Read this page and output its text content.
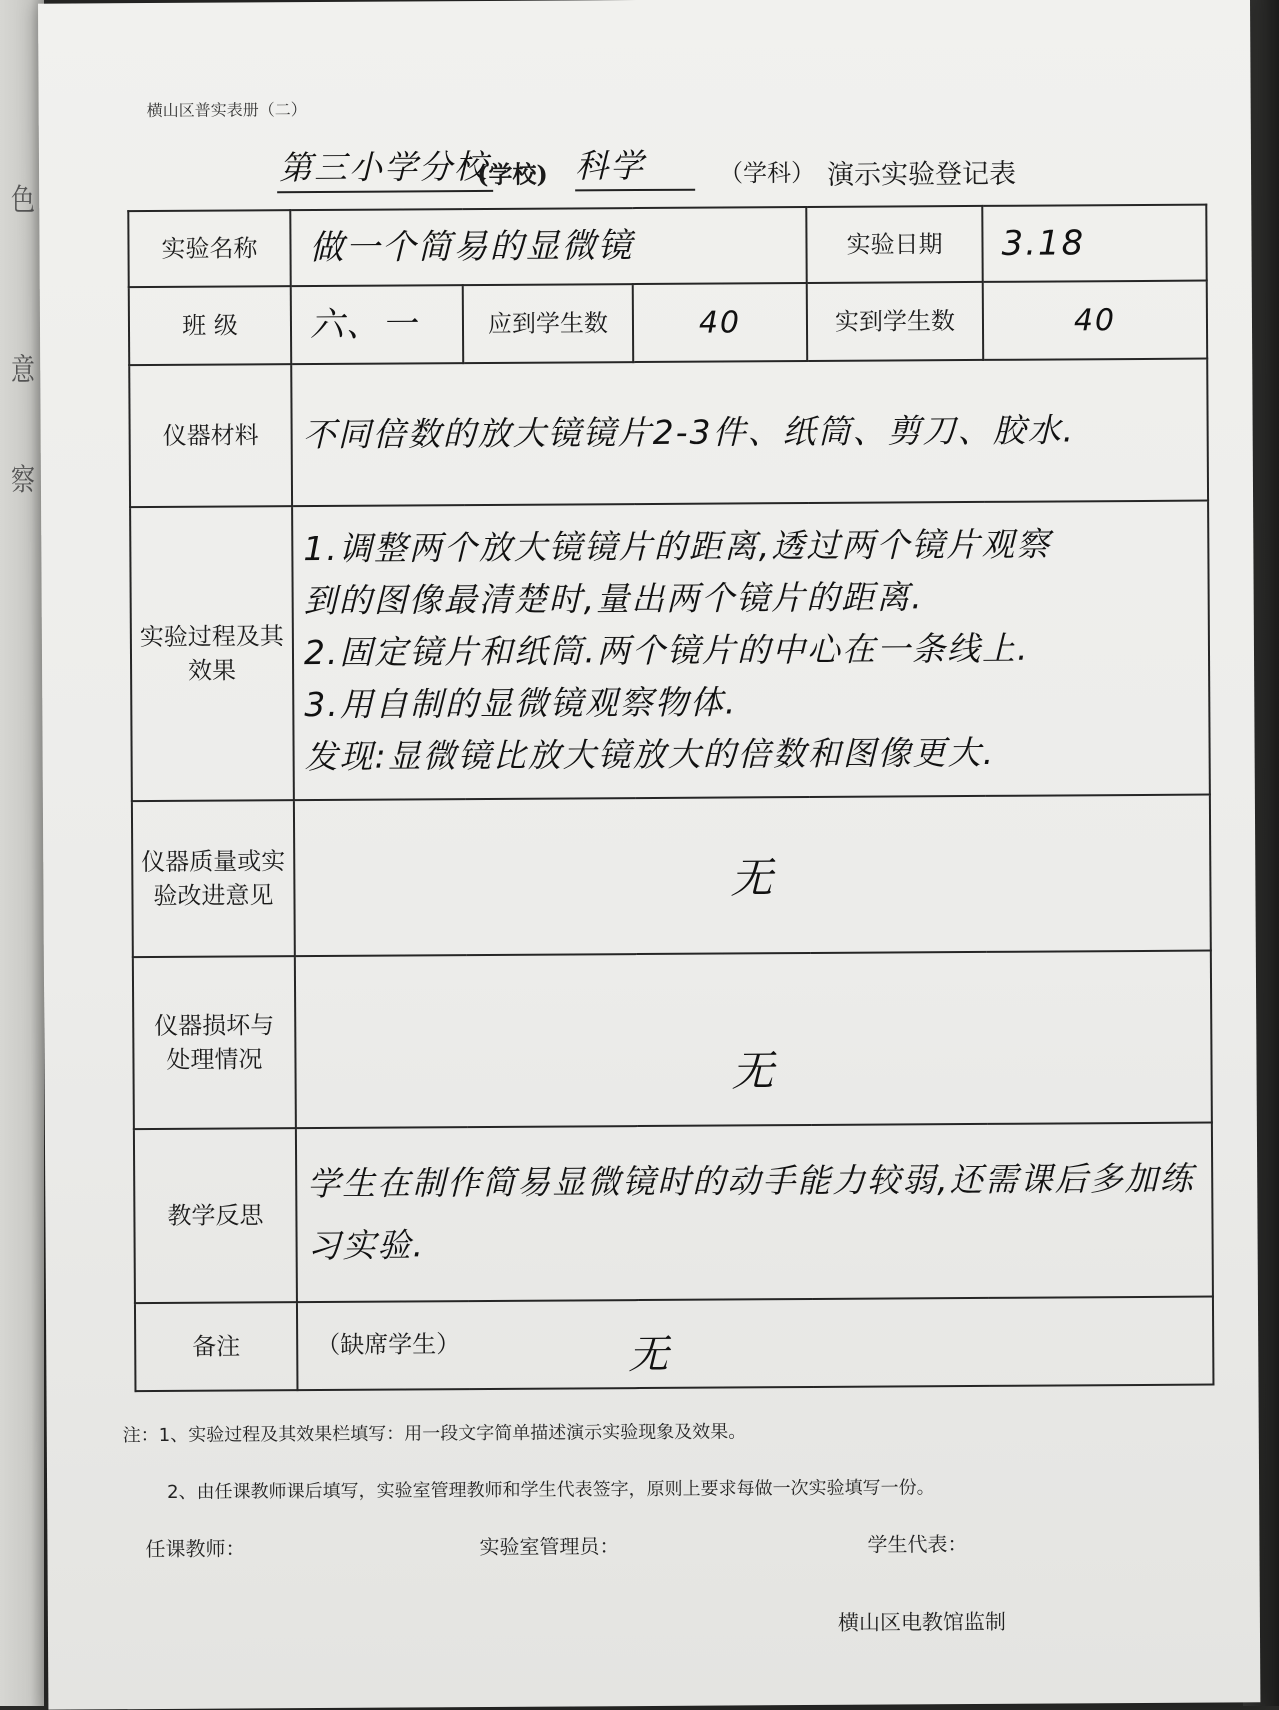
色
意
察
横山区普实表册（二）
第三小学分校
(学校) 科学	（学科） 演示实验登记表
实验名称	做一个简易的显微镜			实验日期	3.18
班 级	六、一	应到学生数	40	实到学生数	40
仪器材料	不同倍数的放大镜镜片2-3件、纸筒、剪刀、胶水.				
实验过程及其效果	1.调整两个放大镜镜片的距离,透过两个镜片观察
到的图像最清楚时,量出两个镜片的距离.
2.固定镜片和纸筒.两个镜片的中心在一条线上.
3.用自制的显微镜观察物体.
发现:显微镜比放大镜放大的倍数和图像更大.				

仪器质量或实验改进意见	无				
仪器损坏与处理情况	无				
教学反思	学生在制作简易显微镜时的动手能力较弱,还需课后多加练习实验.				
备注	（缺席学生） 无				
注：1、实验过程及其效果栏填写：用一段文字简单描述演示实验现象及效果。
2、由任课教师课后填写，实验室管理教师和学生代表签字，原则上要求每做一次实验填写一份。
任课教师：	实验室管理员：	学生代表：
横山区电教馆监制
